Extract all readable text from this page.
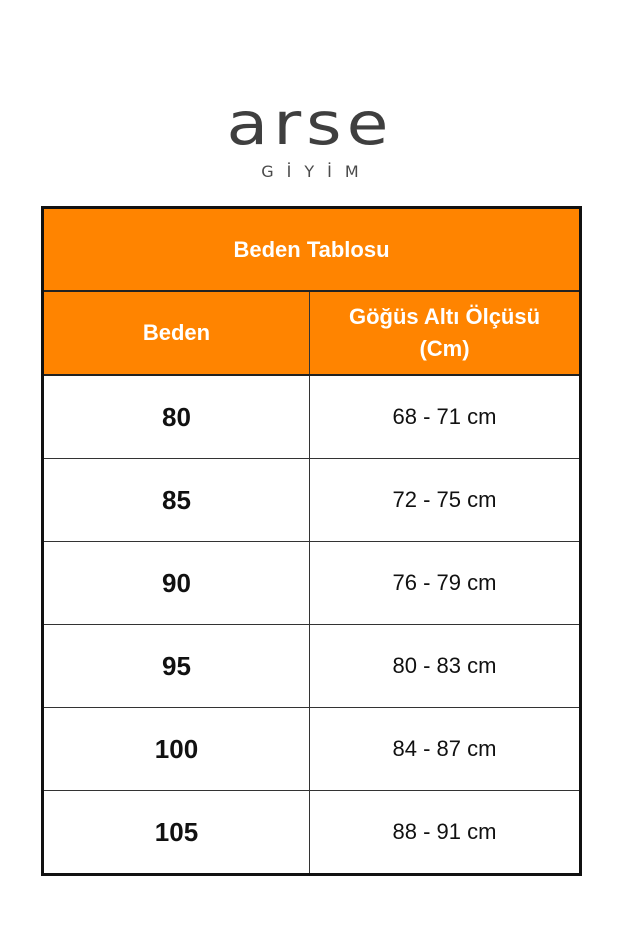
arse
GİYİM
Beden Tablosu	
Beden	Göğüs Altı Ölçüsü (Cm)
80	68 - 71 cm
85	72 - 75 cm
90	76 - 79 cm
95	80 - 83 cm
100	84 - 87 cm
105	88 - 91 cm
